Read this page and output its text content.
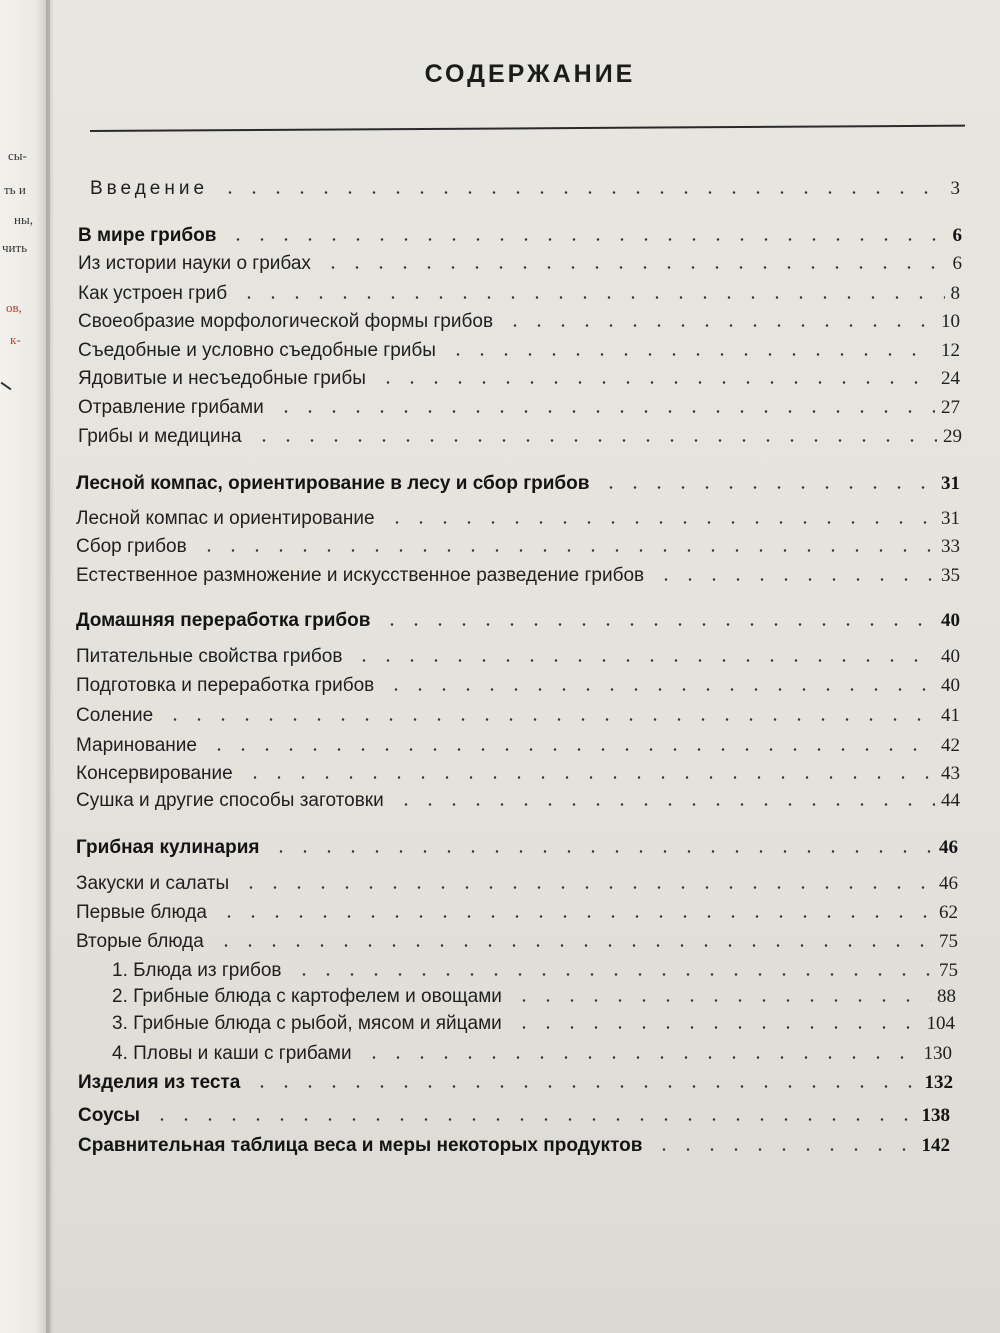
сы-
ть и
ны,
чить
ов,
к-
СОДЕРЖАНИЕ
Введение	3
В мире грибов	6
Из истории науки о грибах	6
Как устроен гриб	8
Своеобразие морфологической формы грибов	10
Съедобные и условно съедобные грибы	12
Ядовитые и несъедобные грибы	24
Отравление грибами	27
Грибы и медицина	29
Лесной компас, ориентирование в лесу и сбор грибов	31
Лесной компас и ориентирование	31
Сбор грибов	33
Естественное размножение и искусственное разведение грибов	35
Домашняя переработка грибов	40
Питательные свойства грибов	40
Подготовка и переработка грибов	40
Соление	41
Маринование	42
Консервирование	43
Сушка и другие способы заготовки	44
Грибная кулинария	46
Закуски и салаты	46
Первые блюда	62
Вторые блюда	75
1. Блюда из грибов	75
2. Грибные блюда с картофелем и овощами	88
3. Грибные блюда с рыбой, мясом и яйцами	104
4. Пловы и каши с грибами	130
Изделия из теста	132
Соусы	138
Сравнительная таблица веса и меры некоторых продуктов	142
